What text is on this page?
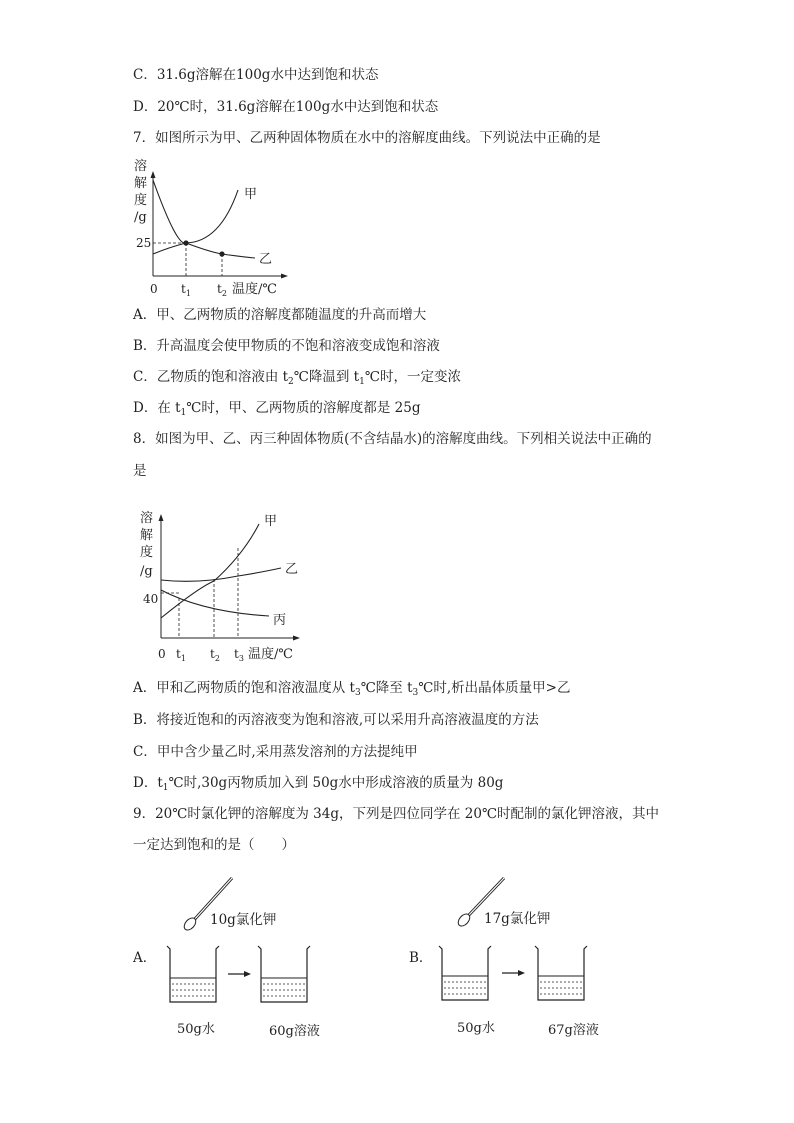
C．31.6g溶解在100g水中达到饱和状态
D．20℃时，31.6g溶解在100g水中达到饱和状态
7．如图所示为甲、乙两种固体物质在水中的溶解度曲线。下列说法中正确的是
溶
解
度
/g
甲
乙
25
0 $t_1$ $t_2$ 温度/℃
A．甲、乙两物质的溶解度都随温度的升高而增大
B．升高温度会使甲物质的不饱和溶液变成饱和溶液
C．乙物质的饱和溶液由 $t_2℃$降温到 $t_1℃$时，一定变浓
D．在 $t_1℃$时，甲、乙两物质的溶解度都是 25g
8．如图为甲、乙、丙三种固体物质(不含结晶水)的溶解度曲线。下列相关说法中正确的
是
溶
解
度
/g
甲
乙
丙
40
0 $t_1$ $t_2$ $t_3$ 温度/℃
A．甲和乙两物质的饱和溶液温度从 $t_3℃$降至 $t_3℃$时,析出晶体质量甲>乙
B．将接近饱和的丙溶液变为饱和溶液,可以采用升高溶液温度的方法
C．甲中含少量乙时,采用蒸发溶剂的方法提纯甲
D．$t_1℃$时,30g丙物质加入到 50g水中形成溶液的质量为 80g
9．20℃时氯化钾的溶解度为 34g，下列是四位同学在 20℃时配制的氯化钾溶液，其中
一定达到饱和的是（　　）
A．
10g氯化钾
50g水	60g溶液
B．
17g氯化钾
50g水	67g溶液
